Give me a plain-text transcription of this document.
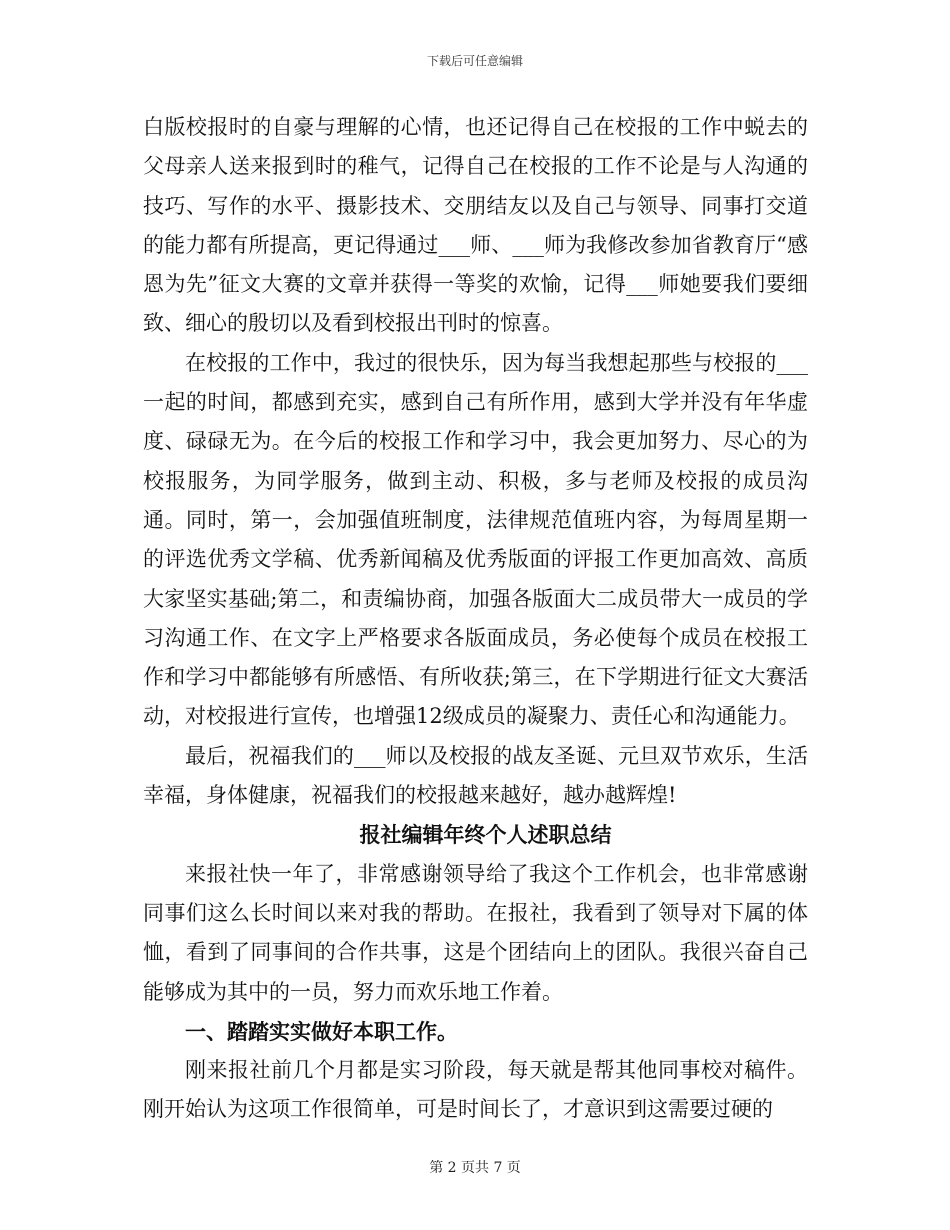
下载后可任意编辑

白版校报时的自豪与理解的心情，也还记得自己在校报的工作中蜕去的父母亲人送来报到时的稚气，记得自己在校报的工作不论是与人沟通的技巧、写作的水平、摄影技术、交朋结友以及自己与领导、同事打交道的能力都有所提高，更记得通过___师、___师为我修改参加省教育厅“感恩为先”征文大赛的文章并获得一等奖的欢愉，记得___师她要我们要细致、细心的殷切以及看到校报出刊时的惊喜。

在校报的工作中，我过的很快乐，因为每当我想起那些与校报的___一起的时间，都感到充实，感到自己有所作用，感到大学并没有年华虚度、碌碌无为。在今后的校报工作和学习中，我会更加努力、尽心的为校报服务，为同学服务，做到主动、积极，多与老师及校报的成员沟通。同时，第一，会加强值班制度，法律规范值班内容，为每周星期一的评选优秀文学稿、优秀新闻稿及优秀版面的评报工作更加高效、高质大家坚实基础;第二，和责编协商，加强各版面大二成员带大一成员的学习沟通工作、在文字上严格要求各版面成员，务必使每个成员在校报工作和学习中都能够有所感悟、有所收获;第三，在下学期进行征文大赛活动，对校报进行宣传，也增强12级成员的凝聚力、责任心和沟通能力。

最后，祝福我们的___师以及校报的战友圣诞、元旦双节欢乐，生活幸福，身体健康，祝福我们的校报越来越好，越办越辉煌!

报社编辑年终个人述职总结

来报社快一年了，非常感谢领导给了我这个工作机会，也非常感谢同事们这么长时间以来对我的帮助。在报社，我看到了领导对下属的体恤，看到了同事间的合作共事，这是个团结向上的团队。我很兴奋自己能够成为其中的一员，努力而欢乐地工作着。

一、踏踏实实做好本职工作。

刚来报社前几个月都是实习阶段，每天就是帮其他同事校对稿件。刚开始认为这项工作很简单，可是时间长了，才意识到这需要过硬的

第 2 页共 7 页
